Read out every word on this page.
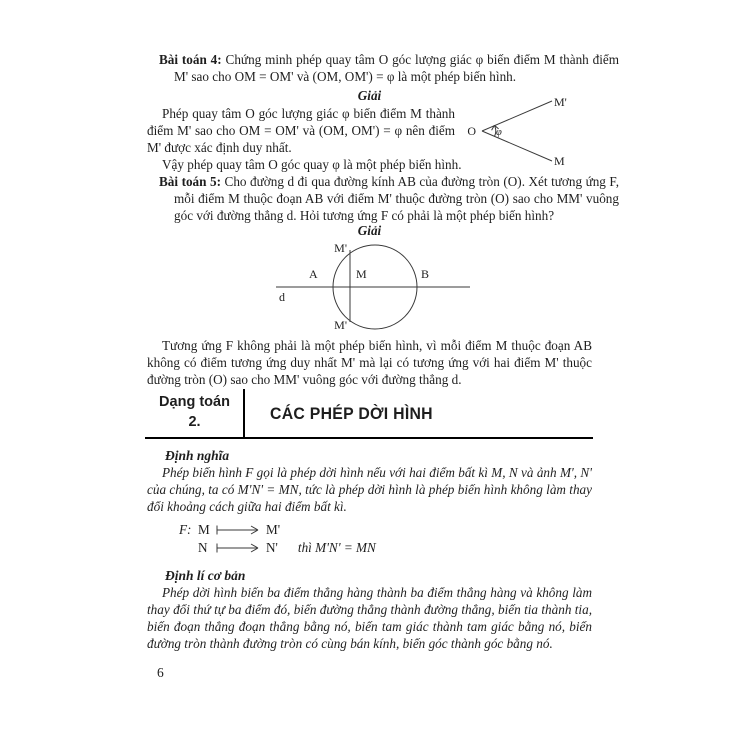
Bài toán 4: Chứng minh phép quay tâm O góc lượng giác φ biến điểm M thành điểm M' sao cho OM = OM' và (OM, OM') = φ là một phép biến hình.

Giải
O
M'
M
φ

Phép quay tâm O góc lượng giác φ biến điểm M thành điểm M' sao cho OM = OM' và (OM, OM') = φ nên điểm M' được xác định duy nhất.

Vậy phép quay tâm O góc quay φ là một phép biến hình.

Bài toán 5: Cho đường d đi qua đường kính AB của đường tròn (O). Xét tương ứng F, mỗi điểm M thuộc đoạn AB với điểm M' thuộc đường tròn (O) sao cho MM' vuông góc với đường thẳng d. Hỏi tương ứng F có phải là một phép biến hình?

Giải
M'
A	M	B
d
M'

Tương ứng F không phải là một phép biến hình, vì mỗi điểm M thuộc đoạn AB không có điểm tương ứng duy nhất M' mà lại có tương ứng với hai điểm M' thuộc đường tròn (O) sao cho MM' vuông góc với đường thẳng d.

Dạng toán
2.	CÁC PHÉP DỜI HÌNH
Định nghĩa

Phép biến hình F gọi là phép dời hình nếu với hai điểm bất kì M, N và ảnh M', N' của chúng, ta có M'N' = MN, tức là phép dời hình là phép biến hình không làm thay đổi khoảng cách giữa hai điểm bất kì.

F: M	M'
N	N' thì M'N' = MN
Định lí cơ bản

Phép dời hình biến ba điểm thẳng hàng thành ba điểm thẳng hàng và không làm thay đổi thứ tự ba điểm đó, biến đường thẳng thành đường thẳng, biến tia thành tia, biến đoạn thẳng đoạn thẳng bằng nó, biến tam giác thành tam giác bằng nó, biến đường tròn thành đường tròn có cùng bán kính, biến góc thành góc bằng nó.

6
